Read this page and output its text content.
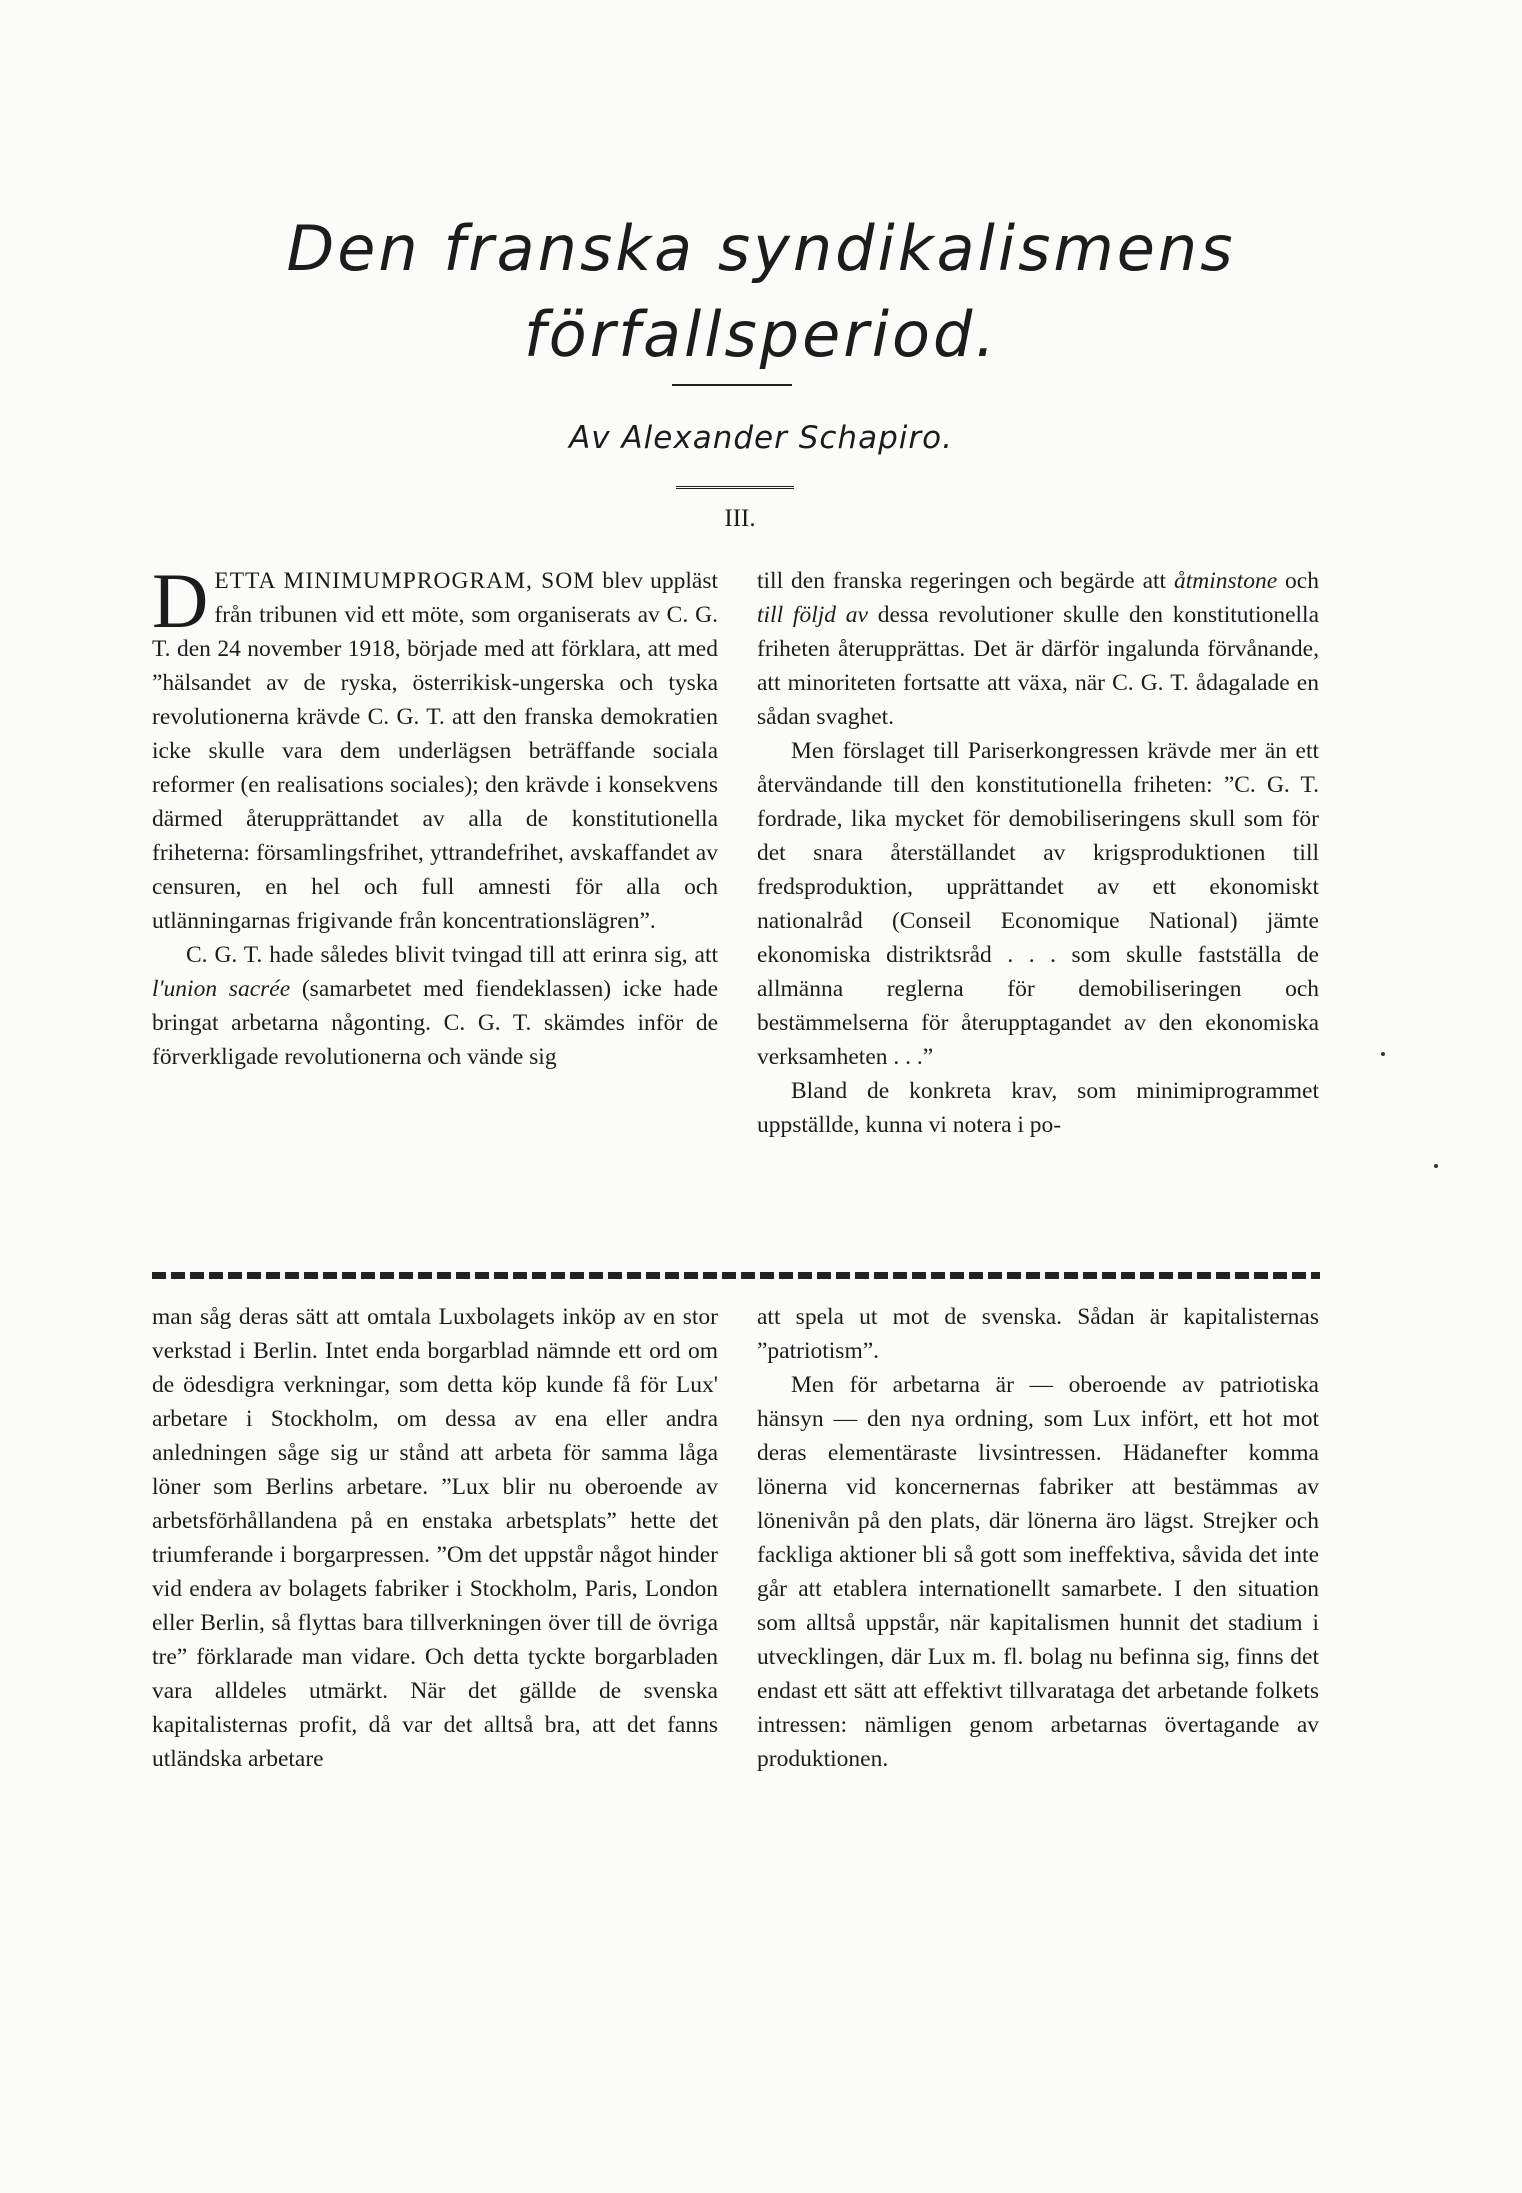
Den franska syndikalismens
förfallsperiod.

Av Alexander Schapiro.

III.

DETTA MINIMUMPROGRAM, SOM blev uppläst från tribunen vid ett möte, som organiserats av C. G. T. den 24 november 1918, började med att förklara, att med ”hälsandet av de ryska, österrikisk-ungerska och tyska revolutionerna krävde C. G. T. att den franska demokratien icke skulle vara dem underlägsen beträffande sociala reformer (en realisations sociales); den krävde i konsekvens därmed återupprättandet av alla de konstitutionella friheterna: församlingsfrihet, yttrandefrihet, avskaffandet av censuren, en hel och full amnesti för alla och utlänningarnas frigivande från koncentrationslägren”.

C. G. T. hade således blivit tvingad till att erinra sig, att l'union sacrée (samarbetet med fiendeklassen) icke hade bringat arbetarna någonting. C. G. T. skämdes inför de förverkligade revolutionerna och vände sig

till den franska regeringen och begärde att åtminstone och till följd av dessa revolutioner skulle den konstitutionella friheten återupprättas. Det är därför ingalunda förvånande, att minoriteten fortsatte att växa, när C. G. T. ådagalade en sådan svaghet.

Men förslaget till Pariserkongressen krävde mer än ett återvändande till den konstitutionella friheten: ”C. G. T. fordrade, lika mycket för demobiliseringens skull som för det snara återställandet av krigsproduktionen till fredsproduktion, upprättandet av ett ekonomiskt nationalråd (Conseil Economique National) jämte ekonomiska distriktsråd . . . som skulle fastställa de allmänna reglerna för demobiliseringen och bestämmelserna för återupptagandet av den ekonomiska verksamheten . . .”

Bland de konkreta krav, som minimiprogrammet uppställde, kunna vi notera i po-

man såg deras sätt att omtala Luxbolagets inköp av en stor verkstad i Berlin. Intet enda borgarblad nämnde ett ord om de ödesdigra verkningar, som detta köp kunde få för Lux' arbetare i Stockholm, om dessa av ena eller andra anledningen såge sig ur stånd att arbeta för samma låga löner som Berlins arbetare. ”Lux blir nu oberoende av arbetsförhållandena på en enstaka arbetsplats” hette det triumferande i borgarpressen. ”Om det uppstår något hinder vid endera av bolagets fabriker i Stockholm, Paris, London eller Berlin, så flyttas bara tillverkningen över till de övriga tre” förklarade man vidare. Och detta tyckte borgarbladen vara alldeles utmärkt. När det gällde de svenska kapitalisternas profit, då var det alltså bra, att det fanns utländska arbetare

att spela ut mot de svenska. Sådan är kapitalisternas ”patriotism”.

Men för arbetarna är — oberoende av patriotiska hänsyn — den nya ordning, som Lux infört, ett hot mot deras elementäraste livsintressen. Hädanefter komma lönerna vid koncernernas fabriker att bestämmas av lönenivån på den plats, där lönerna äro lägst. Strejker och fackliga aktioner bli så gott som ineffektiva, såvida det inte går att etablera internationellt samarbete. I den situation som alltså uppstår, när kapitalismen hunnit det stadium i utvecklingen, där Lux m. fl. bolag nu befinna sig, finns det endast ett sätt att effektivt tillvarataga det arbetande folkets intressen: nämligen genom arbetarnas övertagande av produktionen.
